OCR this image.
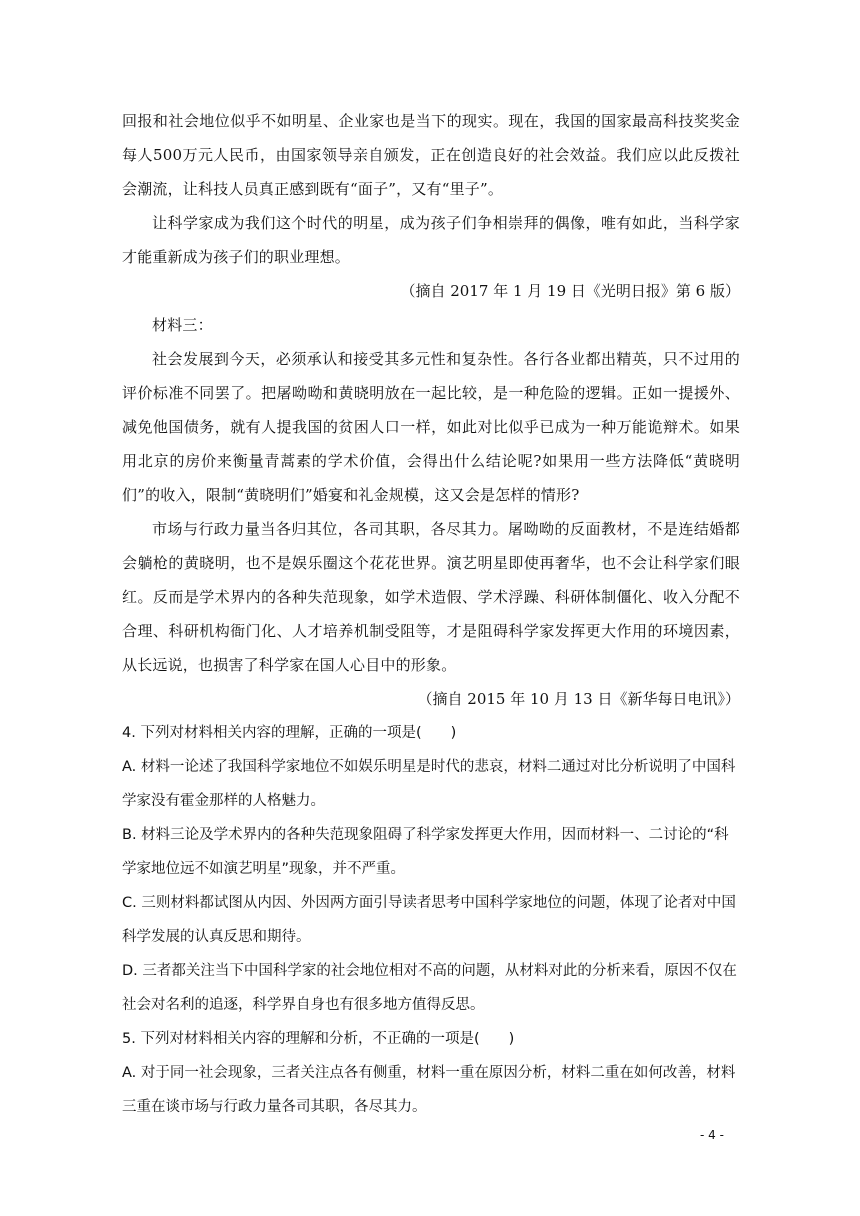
回报和社会地位似乎不如明星、企业家也是当下的现实。现在，我国的国家最高科技奖奖金每人500万元人民币，由国家领导亲自颁发，正在创造良好的社会效益。我们应以此反拨社会潮流，让科技人员真正感到既有“面子”，又有“里子”。

让科学家成为我们这个时代的明星，成为孩子们争相崇拜的偶像，唯有如此，当科学家才能重新成为孩子们的职业理想。

（摘自 2017 年 1 月 19 日《光明日报》第 6 版）

材料三：

社会发展到今天，必须承认和接受其多元性和复杂性。各行各业都出精英，只不过用的评价标准不同罢了。把屠呦呦和黄晓明放在一起比较，是一种危险的逻辑。正如一提援外、减免他国债务，就有人提我国的贫困人口一样，如此对比似乎已成为一种万能诡辩术。如果用北京的房价来衡量青蒿素的学术价值，会得出什么结论呢?如果用一些方法降低“黄晓明们”的收入，限制“黄晓明们”婚宴和礼金规模，这又会是怎样的情形?

市场与行政力量当各归其位，各司其职，各尽其力。屠呦呦的反面教材，不是连结婚都会躺枪的黄晓明，也不是娱乐圈这个花花世界。演艺明星即使再奢华，也不会让科学家们眼红。反而是学术界内的各种失范现象，如学术造假、学术浮躁、科研体制僵化、收入分配不合理、科研机构衙门化、人才培养机制受阻等，才是阻碍科学家发挥更大作用的环境因素，从长远说，也损害了科学家在国人心目中的形象。

（摘自 2015 年 10 月 13 日《新华每日电讯》）

4. 下列对材料相关内容的理解，正确的一项是(　　)

A. 材料一论述了我国科学家地位不如娱乐明星是时代的悲哀，材料二通过对比分析说明了中国科学家没有霍金那样的人格魅力。

B. 材料三论及学术界内的各种失范现象阻碍了科学家发挥更大作用，因而材料一、二讨论的“科学家地位远不如演艺明星”现象，并不严重。

C. 三则材料都试图从内因、外因两方面引导读者思考中国科学家地位的问题，体现了论者对中国科学发展的认真反思和期待。

D. 三者都关注当下中国科学家的社会地位相对不高的问题，从材料对此的分析来看，原因不仅在社会对名利的追逐，科学界自身也有很多地方值得反思。

5. 下列对材料相关内容的理解和分析，不正确的一项是(　　)

A. 对于同一社会现象，三者关注点各有侧重，材料一重在原因分析，材料二重在如何改善，材料三重在谈市场与行政力量各司其职，各尽其力。

- 4 -
